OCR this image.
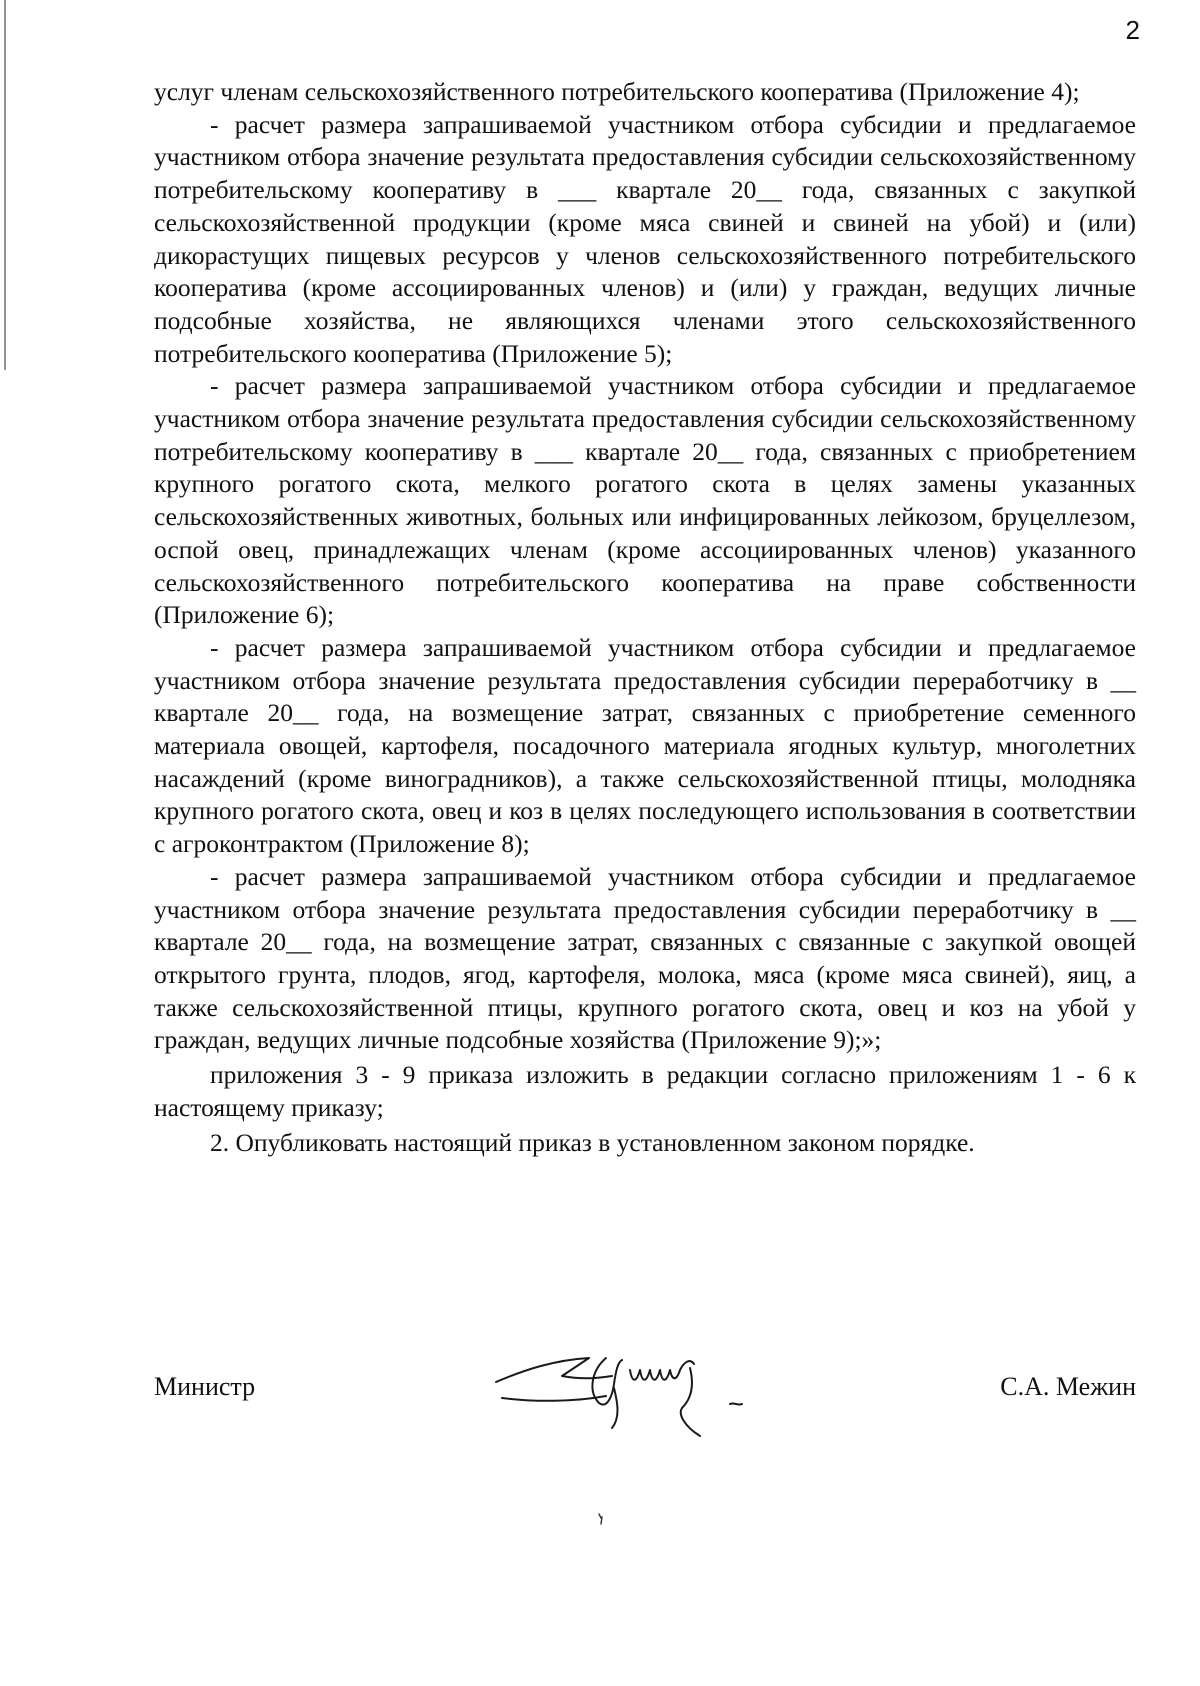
2

услуг членам сельскохозяйственного потребительского кооператива (Приложение 4);

- расчет размера запрашиваемой участником отбора субсидии и предлагаемое участником отбора значение результата предоставления субсидии сельскохозяйственному потребительскому кооперативу в ___ квартале 20__ года, связанных с закупкой сельскохозяйственной продукции (кроме мяса свиней и свиней на убой) и (или) дикорастущих пищевых ресурсов у членов сельскохозяйственного потребительского кооператива (кроме ассоциированных членов) и (или) у граждан, ведущих личные подсобные хозяйства, не являющихся членами этого сельскохозяйственного потребительского кооператива (Приложение 5);

- расчет размера запрашиваемой участником отбора субсидии и предлагаемое участником отбора значение результата предоставления субсидии сельскохозяйственному потребительскому кооперативу в ___ квартале 20__ года, связанных с приобретением крупного рогатого скота, мелкого рогатого скота в целях замены указанных сельскохозяйственных животных, больных или инфицированных лейкозом, бруцеллезом, оспой овец, принадлежащих членам (кроме ассоциированных членов) указанного сельскохозяйственного потребительского кооператива на праве собственности (Приложение 6);

- расчет размера запрашиваемой участником отбора субсидии и предлагаемое участником отбора значение результата предоставления субсидии переработчику в __ квартале 20__ года, на возмещение затрат, связанных с приобретение семенного материала овощей, картофеля, посадочного материала ягодных культур, многолетних насаждений (кроме виноградников), а также сельскохозяйственной птицы, молодняка крупного рогатого скота, овец и коз в целях последующего использования в соответствии с агроконтрактом (Приложение 8);

- расчет размера запрашиваемой участником отбора субсидии и предлагаемое участником отбора значение результата предоставления субсидии переработчику в __ квартале 20__ года, на возмещение затрат, связанных с связанные с закупкой овощей открытого грунта, плодов, ягод, картофеля, молока, мяса (кроме мяса свиней), яиц, а также сельскохозяйственной птицы, крупного рогатого скота, овец и коз на убой у граждан, ведущих личные подсобные хозяйства (Приложение 9);»;

приложения 3 - 9 приказа изложить в редакции согласно приложениям 1 - 6 к настоящему приказу;

2. Опубликовать настоящий приказ в установленном законом порядке.

Министр	С.А. Межин
